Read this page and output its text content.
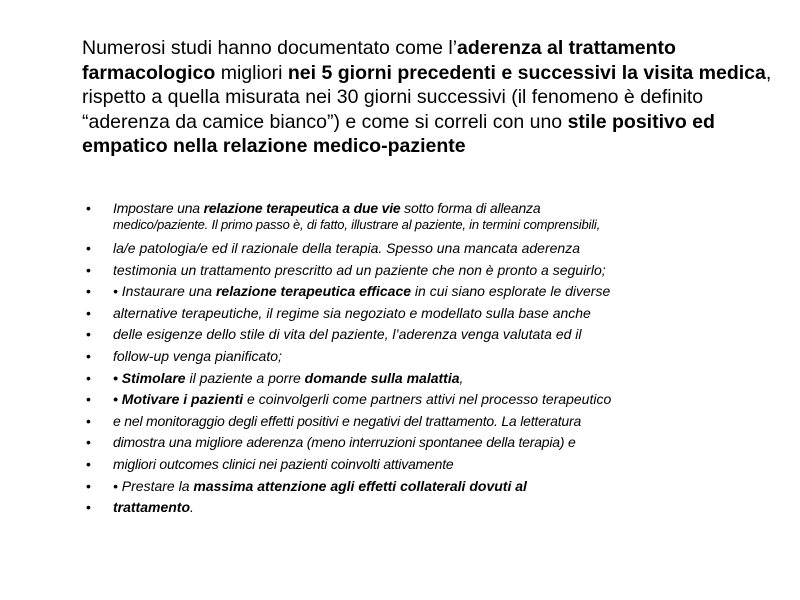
Numerosi studi hanno documentato come l’aderenza al trattamento farmacologico migliori nei 5 giorni precedenti e successivi la visita medica, rispetto a quella misurata nei 30 giorni successivi (il fenomeno è definito “aderenza da camice bianco”) e come si correli con uno stile positivo ed empatico nella relazione medico-paziente
• Impostare una relazione terapeutica a due vie sotto forma di alleanza
medico/paziente. Il primo passo è, di fatto, illustrare al paziente, in termini comprensibili,
• la/e patologia/e ed il razionale della terapia. Spesso una mancata aderenza
• testimonia un trattamento prescritto ad un paziente che non è pronto a seguirlo;
• • Instaurare una relazione terapeutica efficace in cui siano esplorate le diverse
• alternative terapeutiche, il regime sia negoziato e modellato sulla base anche
• delle esigenze dello stile di vita del paziente, l’aderenza venga valutata ed il
• follow-up venga pianificato;
• • Stimolare il paziente a porre domande sulla malattia,
• • Motivare i pazienti e coinvolgerli come partners attivi nel processo terapeutico
• e nel monitoraggio degli effetti positivi e negativi del trattamento. La letteratura
• dimostra una migliore aderenza (meno interruzioni spontanee della terapia) e
• migliori outcomes clinici nei pazienti coinvolti attivamente
• • Prestare la massima attenzione agli effetti collaterali dovuti al
• trattamento.
